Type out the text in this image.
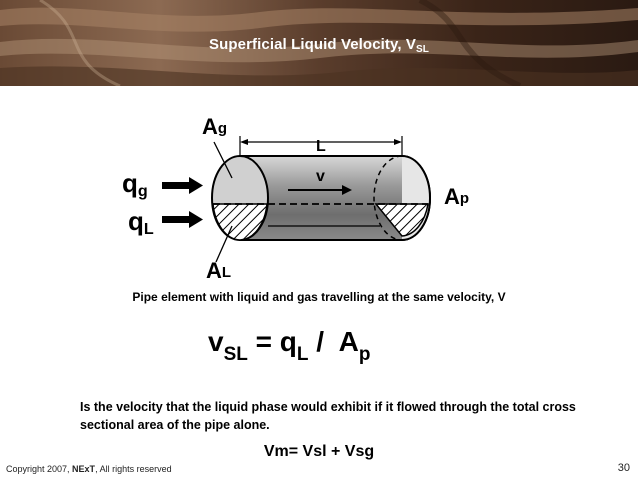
Superficial Liquid Velocity, $V_{SL}$
$A_g$
L
v
$A_p$
$A_L$
$q_g$
$q_L$
Pipe element with liquid and gas travelling at the same velocity, V
$v_{SL} = q_L / A_p$
Is the velocity that the liquid phase would exhibit if it flowed through the total cross sectional area of the pipe alone.
Vm= Vsl + Vsg
Copyright 2007, NExT, All rights reserved	30
